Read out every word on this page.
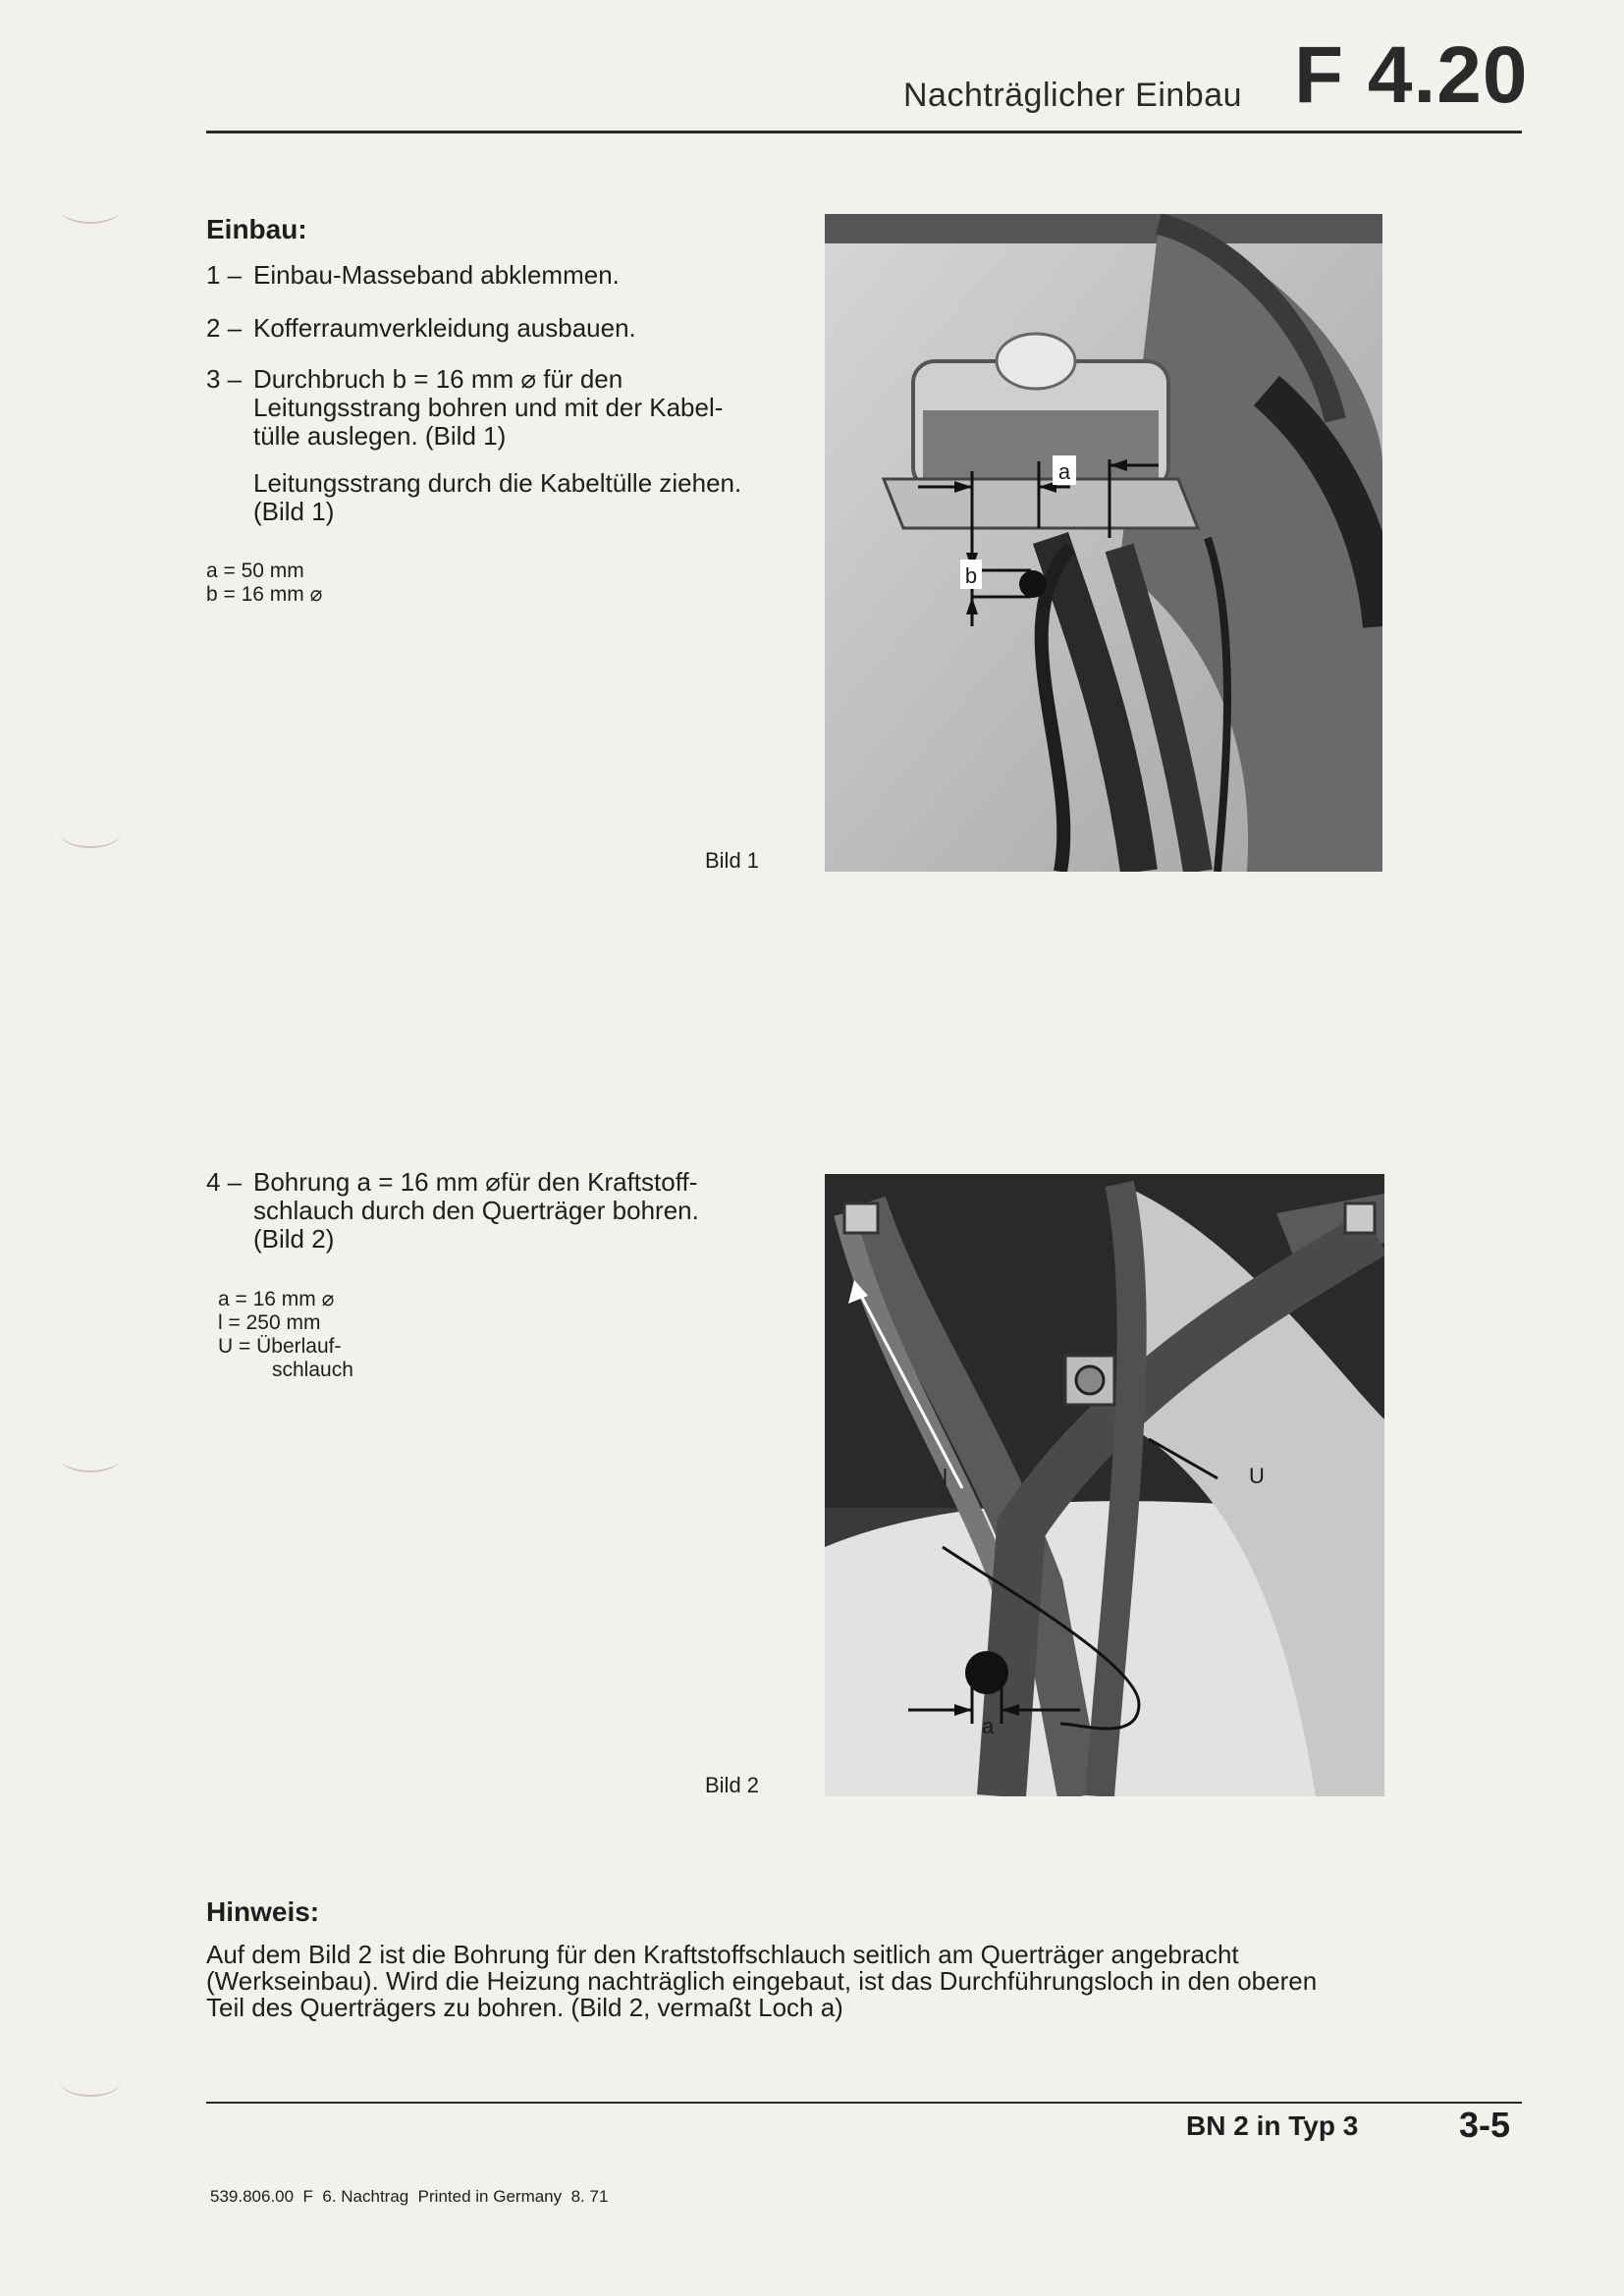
Nachträglicher Einbau F 4.20
Einbau:
1 – Einbau-Masseband abklemmen.
2 – Kofferraumverkleidung ausbauen.
3 – Durchbruch b = 16 mm ⌀ für den
Leitungsstrang bohren und mit der Kabel-
tülle auslegen. (Bild 1)
Leitungsstrang durch die Kabeltülle ziehen.
(Bild 1)
a = 50 mm
b = 16 mm ⌀
Bild 1
a
b
4 – Bohrung a = 16 mm ⌀für den Kraftstoff-
schlauch durch den Querträger bohren.
(Bild 2)
a = 16 mm ⌀
l = 250 mm
U = Überlauf-
schlauch
Bild 2
l	U
a
Hinweis:
Auf dem Bild 2 ist die Bohrung für den Kraftstoffschlauch seitlich am Querträger angebracht
(Werkseinbau). Wird die Heizung nachträglich eingebaut, ist das Durchführungsloch in den oberen
Teil des Querträgers zu bohren. (Bild 2, vermaßt Loch a)
BN 2 in Typ 3	3-5
539.806.00  F  6. Nachtrag  Printed in Germany  8. 71
